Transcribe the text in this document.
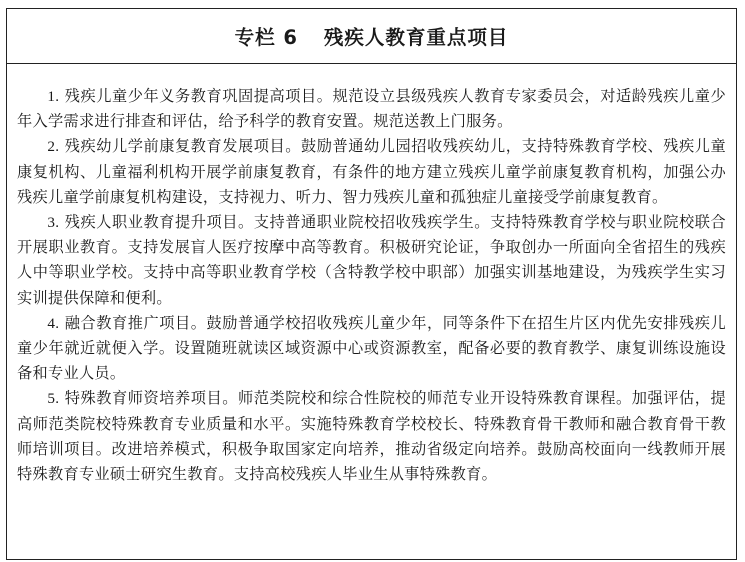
专栏 6 残疾人教育重点项目

1. 残疾儿童少年义务教育巩固提高项目。规范设立县级残疾人教育专家委员会，对适龄残疾儿童少年入学需求进行排查和评估，给予科学的教育安置。规范送教上门服务。

2. 残疾幼儿学前康复教育发展项目。鼓励普通幼儿园招收残疾幼儿，支持特殊教育学校、残疾儿童康复机构、儿童福利机构开展学前康复教育，有条件的地方建立残疾儿童学前康复教育机构，加强公办残疾儿童学前康复机构建设，支持视力、听力、智力残疾儿童和孤独症儿童接受学前康复教育。

3. 残疾人职业教育提升项目。支持普通职业院校招收残疾学生。支持特殊教育学校与职业院校联合开展职业教育。支持发展盲人医疗按摩中高等教育。积极研究论证，争取创办一所面向全省招生的残疾人中等职业学校。支持中高等职业教育学校（含特教学校中职部）加强实训基地建设，为残疾学生实习实训提供保障和便利。

4. 融合教育推广项目。鼓励普通学校招收残疾儿童少年，同等条件下在招生片区内优先安排残疾儿童少年就近就便入学。设置随班就读区域资源中心或资源教室，配备必要的教育教学、康复训练设施设备和专业人员。

5. 特殊教育师资培养项目。师范类院校和综合性院校的师范专业开设特殊教育课程。加强评估，提高师范类院校特殊教育专业质量和水平。实施特殊教育学校校长、特殊教育骨干教师和融合教育骨干教师培训项目。改进培养模式，积极争取国家定向培养，推动省级定向培养。鼓励高校面向一线教师开展特殊教育专业硕士研究生教育。支持高校残疾人毕业生从事特殊教育。
